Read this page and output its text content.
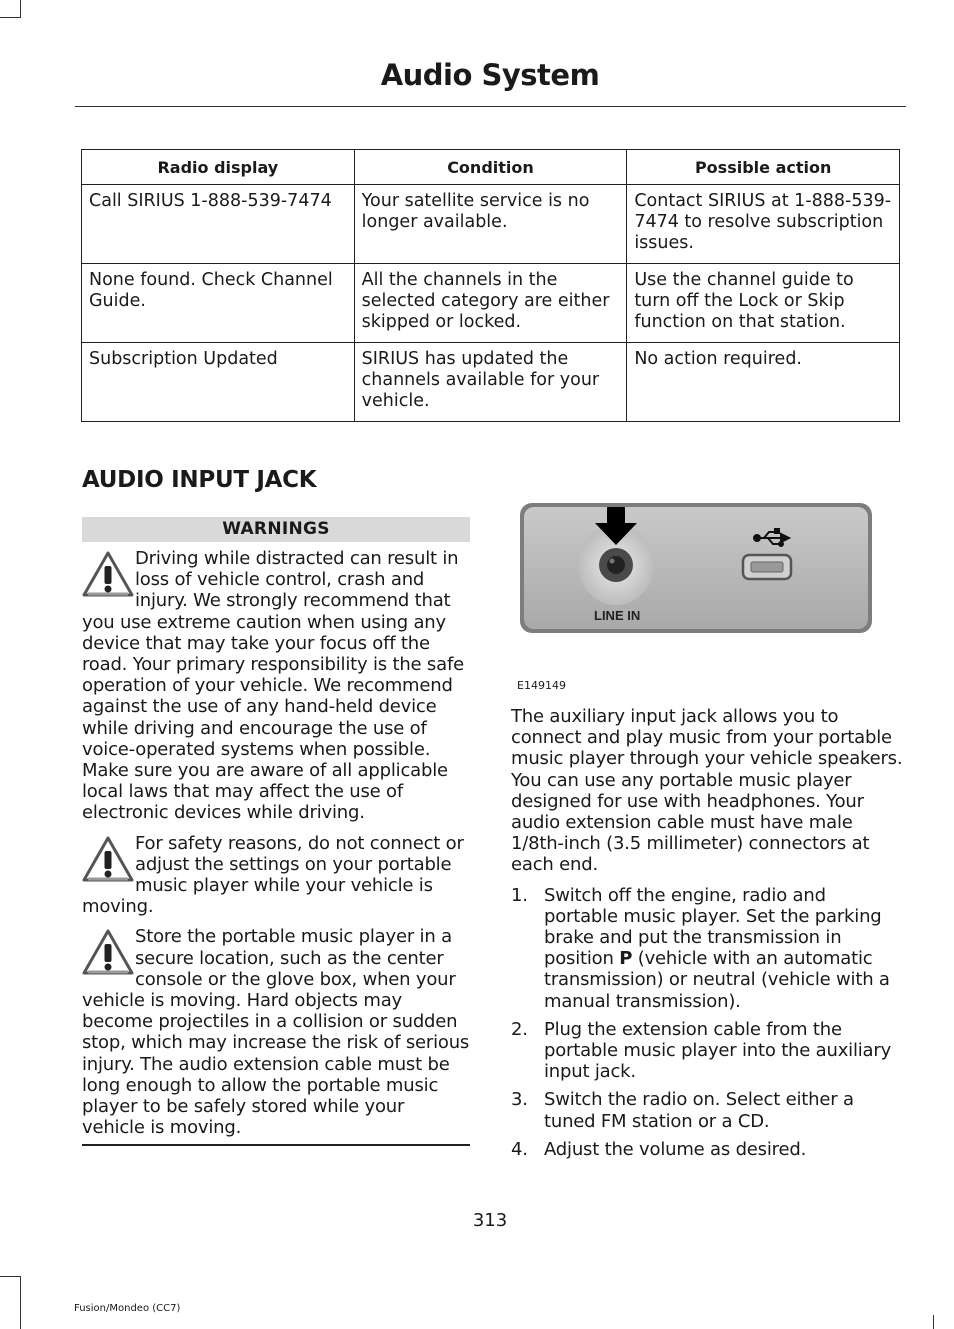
Audio System
Radio display	Condition	Possible action
Call SIRIUS 1-888-539-7474	Your satellite service is no longer available.	Contact SIRIUS at 1-888-539-7474 to resolve subscription issues.
None found. Check Channel Guide.	All the channels in the selected category are either skipped or locked.	Use the channel guide to turn off the Lock or Skip function on that station.
Subscription Updated	SIRIUS has updated the channels available for your vehicle.	No action required.
AUDIO INPUT JACK
WARNINGS
Driving while distracted can result in loss of vehicle control, crash and injury. We strongly recommend that you use extreme caution when using any device that may take your focus off the road. Your primary responsibility is the safe operation of your vehicle. We recommend against the use of any hand-held device while driving and encourage the use of voice-operated systems when possible. Make sure you are aware of all applicable local laws that may affect the use of electronic devices while driving.
For safety reasons, do not connect or adjust the settings on your portable music player while your vehicle is moving.
Store the portable music player in a secure location, such as the center console or the glove box, when your vehicle is moving. Hard objects may become projectiles in a collision or sudden stop, which may increase the risk of serious injury. The audio extension cable must be long enough to allow the portable music player to be safely stored while your vehicle is moving.
LINE IN
E149149

The auxiliary input jack allows you to connect and play music from your portable music player through your vehicle speakers. You can use any portable music player designed for use with headphones. Your audio extension cable must have male 1/8th-inch (3.5 millimeter) connectors at each end.

1. Switch off the engine, radio and portable music player. Set the parking brake and put the transmission in position P (vehicle with an automatic transmission) or neutral (vehicle with a manual transmission).
2. Plug the extension cable from the portable music player into the auxiliary input jack.
3. Switch the radio on. Select either a tuned FM station or a CD.
4. Adjust the volume as desired.
313
Fusion/Mondeo (CC7)
